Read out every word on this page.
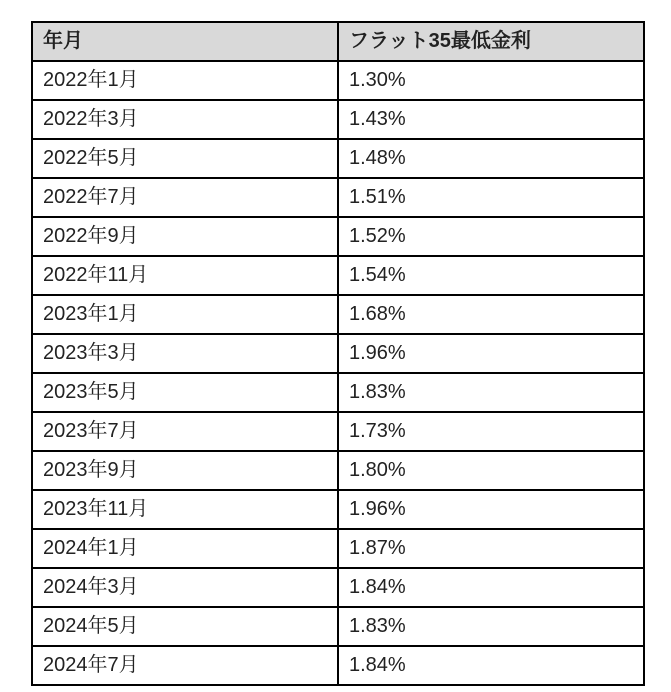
年月	フラット35最低金利
2022年1月	1.30%
2022年3月	1.43%
2022年5月	1.48%
2022年7月	1.51%
2022年9月	1.52%
2022年11月	1.54%
2023年1月	1.68%
2023年3月	1.96%
2023年5月	1.83%
2023年7月	1.73%
2023年9月	1.80%
2023年11月	1.96%
2024年1月	1.87%
2024年3月	1.84%
2024年5月	1.83%
2024年7月	1.84%
